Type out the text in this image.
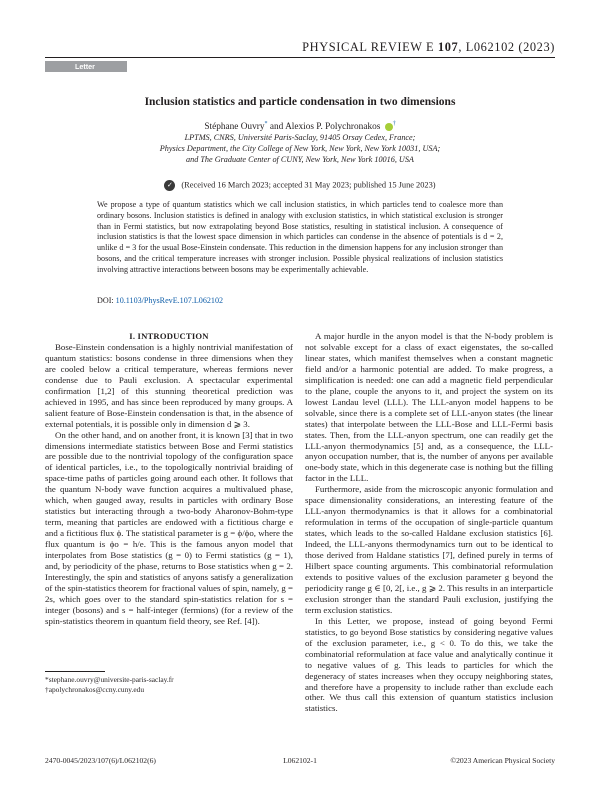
PHYSICAL REVIEW E 107, L062102 (2023)
Letter
Inclusion statistics and particle condensation in two dimensions
Stéphane Ouvry* and Alexios P. Polychronakos †
LPTMS, CNRS, Université Paris-Saclay, 91405 Orsay Cedex, France;
Physics Department, the City College of New York, New York, New York 10031, USA;
and The Graduate Center of CUNY, New York, New York 10016, USA
✓ (Received 16 March 2023; accepted 31 May 2023; published 15 June 2023)
We propose a type of quantum statistics which we call inclusion statistics, in which particles tend to coalesce more than ordinary bosons. Inclusion statistics is defined in analogy with exclusion statistics, in which statistical exclusion is stronger than in Fermi statistics, but now extrapolating beyond Bose statistics, resulting in statistical inclusion. A consequence of inclusion statistics is that the lowest space dimension in which particles can condense in the absence of potentials is d = 2, unlike d = 3 for the usual Bose-Einstein condensate. This reduction in the dimension happens for any inclusion stronger than bosons, and the critical temperature increases with stronger inclusion. Possible physical realizations of inclusion statistics involving attractive interactions between bosons may be experimentally achievable.
DOI: 10.1103/PhysRevE.107.L062102

I. INTRODUCTION

Bose-Einstein condensation is a highly nontrivial manifestation of quantum statistics: bosons condense in three dimensions when they are cooled below a critical temperature, whereas fermions never condense due to Pauli exclusion. A spectacular experimental confirmation [1,2] of this stunning theoretical prediction was achieved in 1995, and has since been reproduced by many groups. A salient feature of Bose-Einstein condensation is that, in the absence of external potentials, it is possible only in dimension d ⩾ 3.

On the other hand, and on another front, it is known [3] that in two dimensions intermediate statistics between Bose and Fermi statistics are possible due to the nontrivial topology of the configuration space of identical particles, i.e., to the topologically nontrivial braiding of space-time paths of particles going around each other. It follows that the quantum N-body wave function acquires a multivalued phase, which, when gauged away, results in particles with ordinary Bose statistics but interacting through a two-body Aharonov-Bohm-type term, meaning that particles are endowed with a fictitious charge e and a fictitious flux ϕ. The statistical parameter is g = ϕ/ϕo, where the flux quantum is ϕo = h/e. This is the famous anyon model that interpolates from Bose statistics (g = 0) to Fermi statistics (g = 1), and, by periodicity of the phase, returns to Bose statistics when g = 2. Interestingly, the spin and statistics of anyons satisfy a generalization of the spin-statistics theorem for fractional values of spin, namely, g = 2s, which goes over to the standard spin-statistics relation for s = integer (bosons) and s = half-integer (fermions) (for a review of the spin-statistics theorem in quantum field theory, see Ref. [4]).

A major hurdle in the anyon model is that the N-body problem is not solvable except for a class of exact eigenstates, the so-called linear states, which manifest themselves when a constant magnetic field and/or a harmonic potential are added. To make progress, a simplification is needed: one can add a magnetic field perpendicular to the plane, couple the anyons to it, and project the system on its lowest Landau level (LLL). The LLL-anyon model happens to be solvable, since there is a complete set of LLL-anyon states (the linear states) that interpolate between the LLL-Bose and LLL-Fermi basis states. Then, from the LLL-anyon spectrum, one can readily get the LLL-anyon thermodynamics [5] and, as a consequence, the LLL-anyon occupation number, that is, the number of anyons per available one-body state, which in this degenerate case is nothing but the filling factor in the LLL.

Furthermore, aside from the microscopic anyonic formulation and space dimensionality considerations, an interesting feature of the LLL-anyon thermodynamics is that it allows for a combinatorial reformulation in terms of the occupation of single-particle quantum states, which leads to the so-called Haldane exclusion statistics [6]. Indeed, the LLL-anyons thermodynamics turn out to be identical to those derived from Haldane statistics [7], defined purely in terms of Hilbert space counting arguments. This combinatorial reformulation extends to positive values of the exclusion parameter g beyond the periodicity range g ∈ [0, 2[, i.e., g ⩾ 2. This results in an interparticle exclusion stronger than the standard Pauli exclusion, justifying the term exclusion statistics.

In this Letter, we propose, instead of going beyond Fermi statistics, to go beyond Bose statistics by considering negative values of the exclusion parameter, i.e., g < 0. To do this, we take the combinatorial reformulation at face value and analytically continue it to negative values of g. This leads to particles for which the degeneracy of states increases when they occupy neighboring states, and therefore have a propensity to include rather than exclude each other. We thus call this extension of quantum statistics inclusion statistics.

*stephane.ouvry@universite-paris-saclay.fr
†apolychronakos@ccny.cuny.edu
2470-0045/2023/107(6)/L062102(6)	L062102-1	©2023 American Physical Society
